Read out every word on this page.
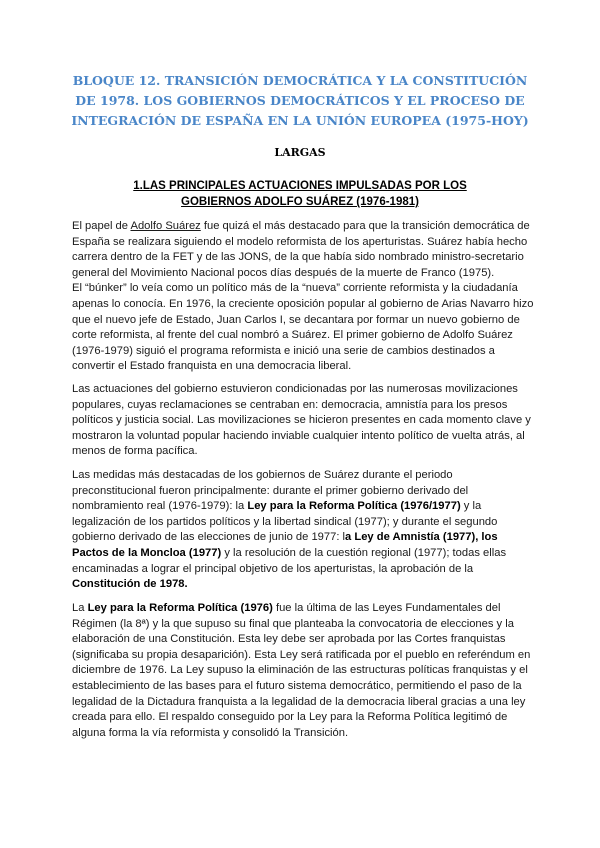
BLOQUE 12. TRANSICIÓN DEMOCRÁTICA Y LA CONSTITUCIÓN DE 1978. LOS GOBIERNOS DEMOCRÁTICOS Y EL PROCESO DE INTEGRACIÓN DE ESPAÑA EN LA UNIÓN EUROPEA (1975-HOY)
LARGAS
1.LAS PRINCIPALES ACTUACIONES IMPULSADAS POR LOS GOBIERNOS ADOLFO SUÁREZ (1976-1981)

El papel de Adolfo Suárez fue quizá el más destacado para que la transición democrática de España se realizara siguiendo el modelo reformista de los aperturistas. Suárez había hecho carrera dentro de la FET y de las JONS, de la que había sido nombrado ministro-secretario general del Movimiento Nacional pocos días después de la muerte de Franco (1975).
El “búnker” lo veía como un político más de la “nueva” corriente reformista y la ciudadanía apenas lo conocía. En 1976, la creciente oposición popular al gobierno de Arias Navarro hizo que el nuevo jefe de Estado, Juan Carlos I, se decantara por formar un nuevo gobierno de corte reformista, al frente del cual nombró a Suárez. El primer gobierno de Adolfo Suárez (1976-1979) siguió el programa reformista e inició una serie de cambios destinados a convertir el Estado franquista en una democracia liberal.

Las actuaciones del gobierno estuvieron condicionadas por las numerosas movilizaciones populares, cuyas reclamaciones se centraban en: democracia, amnistía para los presos políticos y justicia social. Las movilizaciones se hicieron presentes en cada momento clave y mostraron la voluntad popular haciendo inviable cualquier intento político de vuelta atrás, al menos de forma pacífica.

Las medidas más destacadas de los gobiernos de Suárez durante el periodo preconstitucional fueron principalmente: durante el primer gobierno derivado del nombramiento real (1976-1979): la Ley para la Reforma Política (1976/1977) y la legalización de los partidos políticos y la libertad sindical (1977); y durante el segundo gobierno derivado de las elecciones de junio de 1977: la Ley de Amnistía (1977), los Pactos de la Moncloa (1977) y la resolución de la cuestión regional (1977); todas ellas encaminadas a lograr el principal objetivo de los aperturistas, la aprobación de la Constitución de 1978.

La Ley para la Reforma Política (1976) fue la última de las Leyes Fundamentales del Régimen (la 8ª) y la que supuso su final que planteaba la convocatoria de elecciones y la elaboración de una Constitución. Esta ley debe ser aprobada por las Cortes franquistas (significaba su propia desaparición). Esta Ley será ratificada por el pueblo en referéndum en diciembre de 1976. La Ley supuso la eliminación de las estructuras políticas franquistas y el establecimiento de las bases para el futuro sistema democrático, permitiendo el paso de la legalidad de la Dictadura franquista a la legalidad de la democracia liberal gracias a una ley creada para ello. El respaldo conseguido por la Ley para la Reforma Política legitimó de alguna forma la vía reformista y consolidó la Transición.
